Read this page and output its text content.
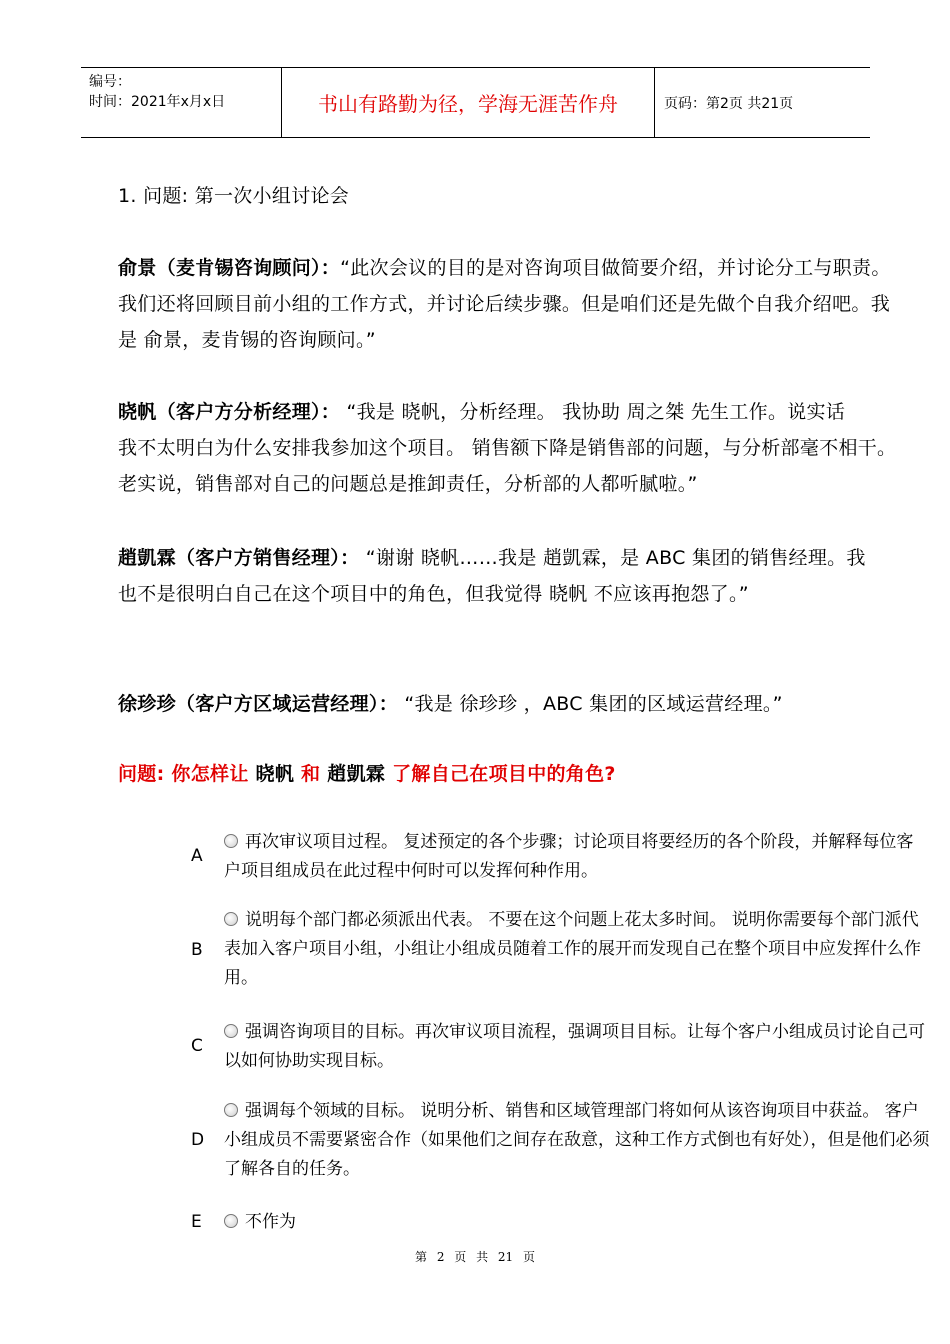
编号：
时间：2021年x月x日	书山有路勤为径，学海无涯苦作舟	页码：第2页 共21页
1. 问题: 第一次小组讨论会
俞景（麦肯锡咨询顾问）：“此次会议的目的是对咨询项目做简要介绍，并讨论分工与职责。
我们还将回顾目前小组的工作方式，并讨论后续步骤。但是咱们还是先做个自我介绍吧。我
是 俞景，麦肯锡的咨询顾问。”
晓帆（客户方分析经理）： “我是 晓帆，分析经理。 我协助 周之桀 先生工作。说实话
我不太明白为什么安排我参加这个项目。 销售额下降是销售部的问题，与分析部毫不相干。
老实说，销售部对自己的问题总是推卸责任，分析部的人都听腻啦。”
趙凱霖（客户方销售经理）： “谢谢 晓帆……我是 趙凱霖，是 ABC 集团的销售经理。我
也不是很明白自己在这个项目中的角色，但我觉得 晓帆 不应该再抱怨了。”
徐珍珍（客户方区域运营经理）： “我是 徐珍珍 ，ABC 集团的区域运营经理。”
问题: 你怎样让 晓帆 和 趙凱霖 了解自己在项目中的角色?
A
再次审议项目过程。 复述预定的各个步骤；讨论项目将要经历的各个阶段，并解释每位客
户项目组成员在此过程中何时可以发挥何种作用。
B
说明每个部门都必须派出代表。 不要在这个问题上花太多时间。 说明你需要每个部门派代
表加入客户项目小组，小组让小组成员随着工作的展开而发现自己在整个项目中应发挥什么作
用。
C
强调咨询项目的目标。再次审议项目流程，强调项目目标。让每个客户小组成员讨论自己可
以如何协助实现目标。
D
强调每个领域的目标。 说明分析、销售和区域管理部门将如何从该咨询项目中获益。 客户
小组成员不需要紧密合作（如果他们之间存在敌意，这种工作方式倒也有好处），但是他们必须
了解各自的任务。
E	不作为
第 2 页 共 21 页
